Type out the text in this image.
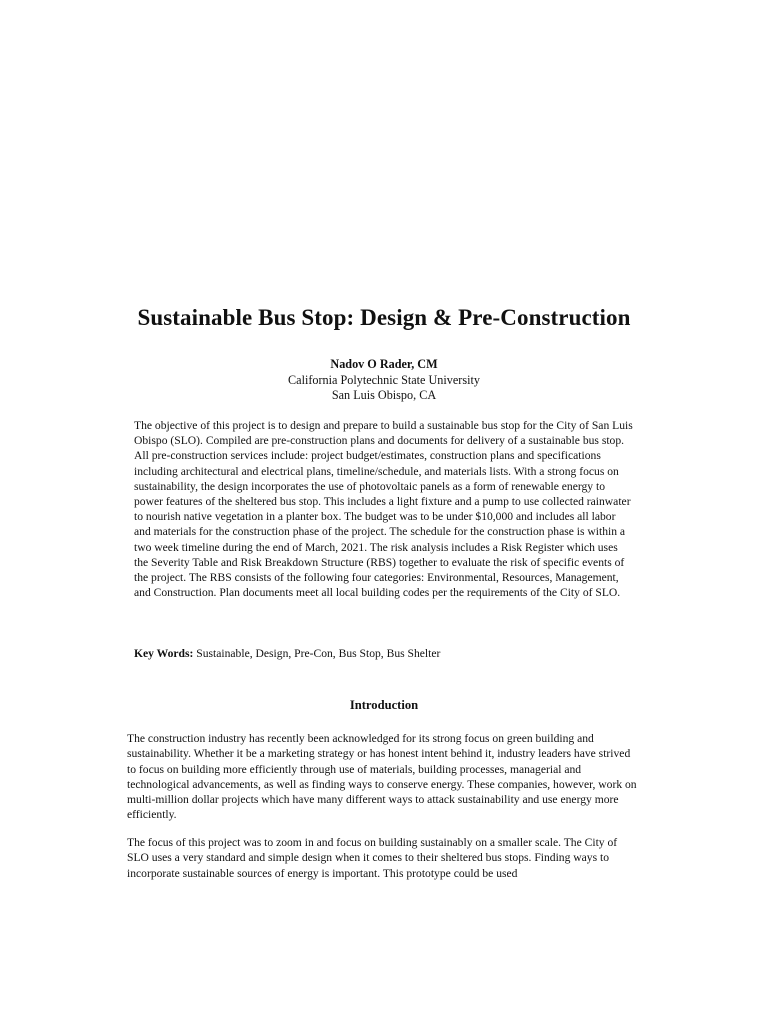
Sustainable Bus Stop: Design & Pre-Construction
Nadov O Rader, CM
California Polytechnic State University
San Luis Obispo, CA

The objective of this project is to design and prepare to build a sustainable bus stop for the City of San Luis Obispo (SLO). Compiled are pre-construction plans and documents for delivery of a sustainable bus stop. All pre-construction services include: project budget/estimates, construction plans and specifications including architectural and electrical plans, timeline/schedule, and materials lists. With a strong focus on sustainability, the design incorporates the use of photovoltaic panels as a form of renewable energy to power features of the sheltered bus stop. This includes a light fixture and a pump to use collected rainwater to nourish native vegetation in a planter box. The budget was to be under $10,000 and includes all labor and materials for the construction phase of the project. The schedule for the construction phase is within a two week timeline during the end of March, 2021. The risk analysis includes a Risk Register which uses the Severity Table and Risk Breakdown Structure (RBS) together to evaluate the risk of specific events of the project. The RBS consists of the following four categories: Environmental, Resources, Management, and Construction. Plan documents meet all local building codes per the requirements of the City of SLO.

Key Words: Sustainable, Design, Pre-Con, Bus Stop, Bus Shelter

Introduction

The construction industry has recently been acknowledged for its strong focus on green building and sustainability. Whether it be a marketing strategy or has honest intent behind it, industry leaders have strived to focus on building more efficiently through use of materials, building processes, managerial and technological advancements, as well as finding ways to conserve energy. These companies, however, work on multi-million dollar projects which have many different ways to attack sustainability and use energy more efficiently.

The focus of this project was to zoom in and focus on building sustainably on a smaller scale. The City of SLO uses a very standard and simple design when it comes to their sheltered bus stops. Finding ways to incorporate sustainable sources of energy is important. This prototype could be used
